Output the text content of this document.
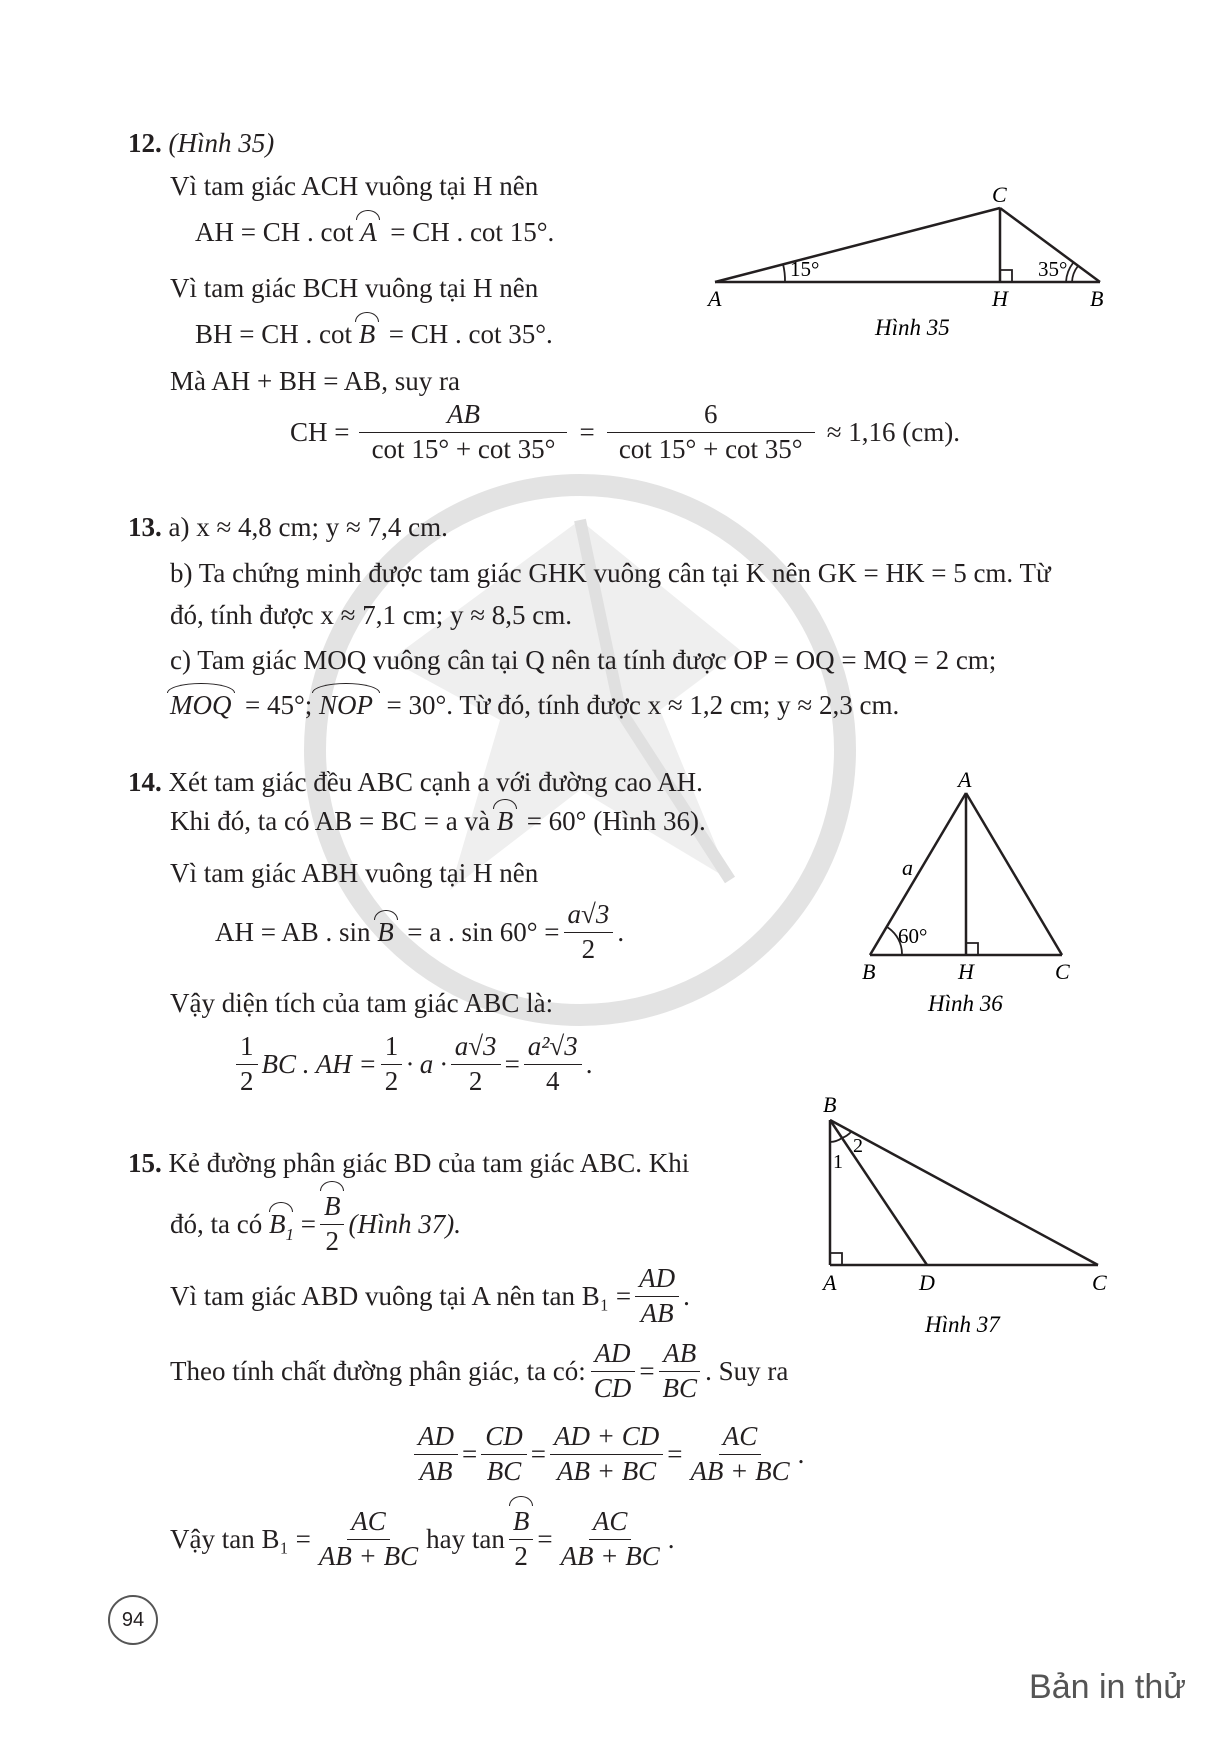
12. (Hình 35)
Vì tam giác ACH vuông tại H nên
AH = CH . cot A = CH . cot 15°.
Vì tam giác BCH vuông tại H nên
BH = CH . cot B = CH . cot 35°.
Mà AH + BH = AB, suy ra
CH = $\frac{AB}{\cot 15^\circ + \cot 35^\circ} = \frac{6}{\cot 15^\circ + \cot 35^\circ} \approx 1,16$ (cm).
C
A	H	B
15°	35°
Hình 35
13. a) x ≈ 4,8 cm; y ≈ 7,4 cm.
b) Ta chứng minh được tam giác GHK vuông cân tại K nên GK = HK = 5 cm. Từ
đó, tính được x ≈ 7,1 cm; y ≈ 8,5 cm.
c) Tam giác MOQ vuông cân tại Q nên ta tính được OP = OQ = MQ = 2 cm;
MOQ = 45°; NOP = 30°. Từ đó, tính được x ≈ 1,2 cm; y ≈ 2,3 cm.
14. Xét tam giác đều ABC cạnh a với đường cao AH.
Khi đó, ta có AB = BC = a và B = 60° (Hình 36).
Vì tam giác ABH vuông tại H nên
AH = AB . sin
B
= a . $\sin 60^\circ = \frac{a√3}{2}$ .
Vậy diện tích của tam giác ABC là:
$\frac{1}{2}$ BC . AH = $\frac{1}{2} \cdot a \cdot \frac{a√3}{2} = \frac{\text{a²√3}}{4}$ .
A
a
60°
B	H	C
Hình 36
15. Kẻ đường phân giác BD của tam giác ABC. Khi
đó, ta có
$B_1 = \frac{B}{2}$ (Hình 37).
Vì tam giác ABD vuông tại A nên $\tan B_1 = \frac{AD}{AB}$ .
Theo tính chất đường phân giác, ta có: $\frac{AD}{CD} = \frac{AB}{BC}$ . Suy ra
$\frac{AD}{AB} = \frac{CD}{BC} = \frac{AD + CD}{AB + BC} = \frac{AC}{AB + BC}$ .
Vậy $\tan B_1 = \frac{AC}{AB + BC}$ hay $\tan \frac{B}{2} = \frac{AC}{AB + BC}$ .
B
1
2
A	D	C
Hình 37
94
Bản in thử
